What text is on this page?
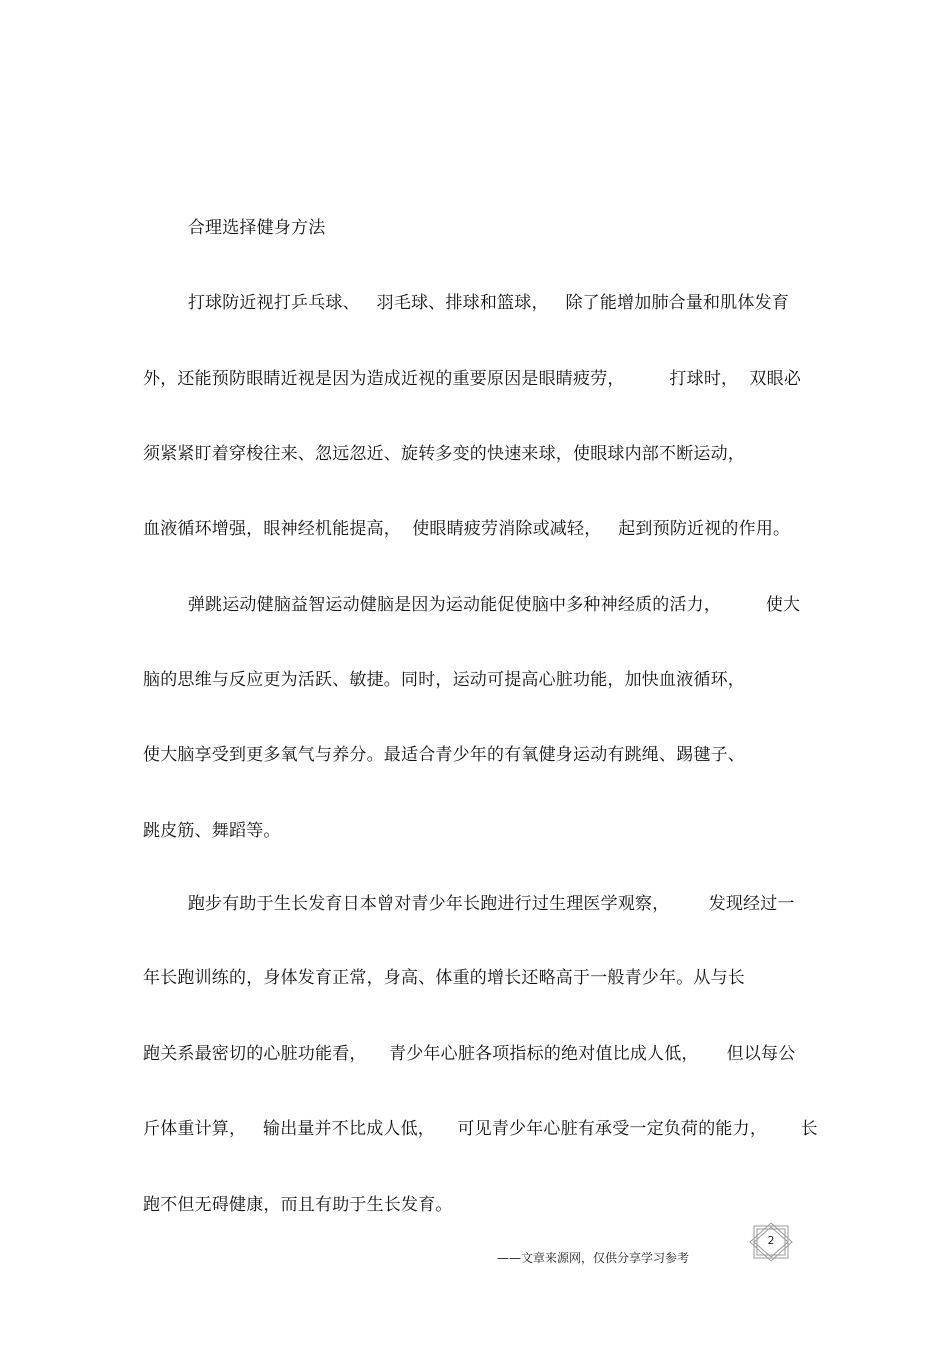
合理选择健身方法
打球防近视打乒乓球、   羽毛球、排球和篮球，   除了能增加肺合量和肌体发育
外，还能预防眼睛近视是因为造成近视的重要原因是眼睛疲劳，        打球时，  双眼必
须紧紧盯着穿梭往来、忽远忽近、旋转多变的快速来球，使眼球内部不断运动，
血液循环增强，眼神经机能提高，  使眼睛疲劳消除或减轻，   起到预防近视的作用。
弹跳运动健脑益智运动健脑是因为运动能促使脑中多种神经质的活力，        使大
脑的思维与反应更为活跃、敏捷。同时，运动可提高心脏功能，加快血液循环，
使大脑享受到更多氧气与养分。最适合青少年的有氧健身运动有跳绳、踢毽子、
跳皮筋、舞蹈等。
跑步有助于生长发育日本曾对青少年长跑进行过生理医学观察，       发现经过一
年长跑训练的，身体发育正常，身高、体重的增长还略高于一般青少年。从与长
跑关系最密切的心脏功能看，    青少年心脏各项指标的绝对值比成人低，     但以每公
斤体重计算，   输出量并不比成人低，    可见青少年心脏有承受一定负荷的能力，      长
跑不但无碍健康，而且有助于生长发育。
2
——文章来源网，仅供分享学习参考
